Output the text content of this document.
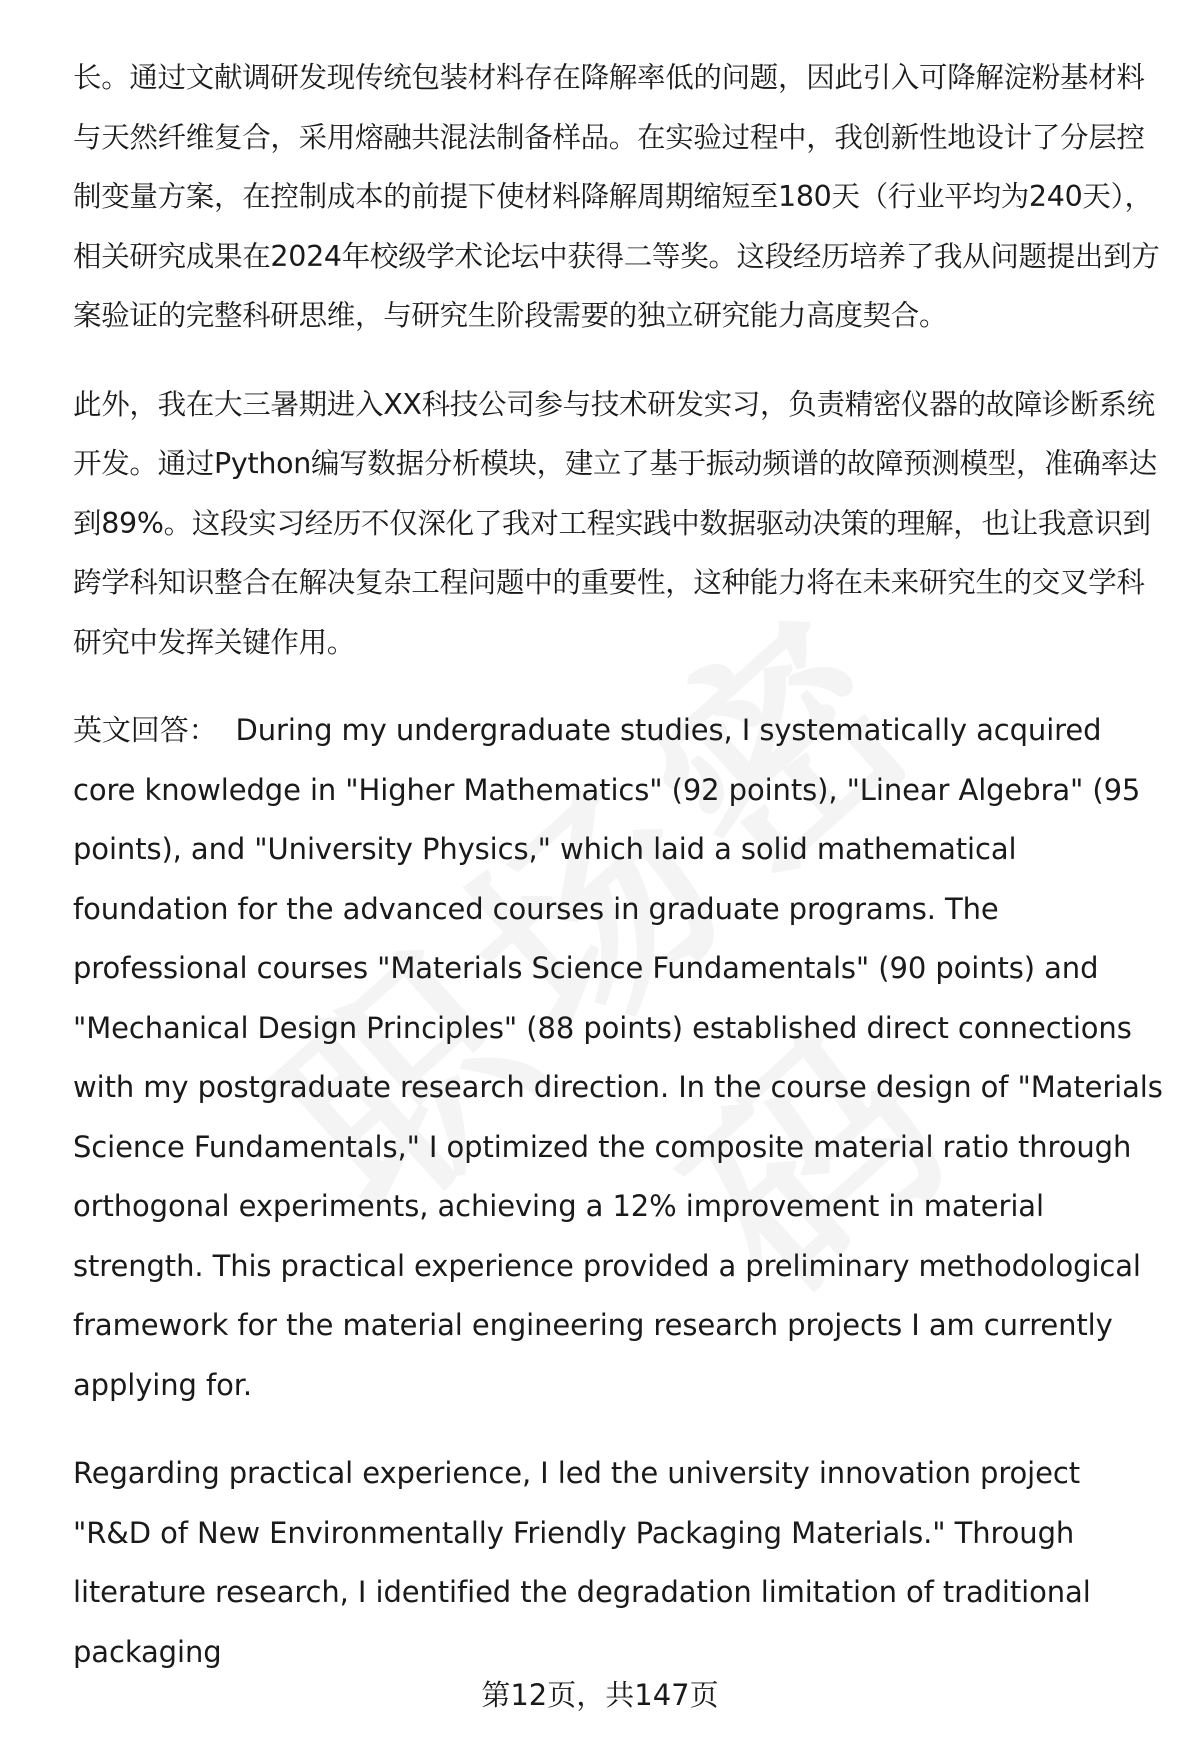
长。通过文献调研发现传统包装材料存在降解率低的问题，因此引入可降解淀粉基材料与天然纤维复合，采用熔融共混法制备样品。在实验过程中，我创新性地设计了分层控制变量方案，在控制成本的前提下使材料降解周期缩短至180天（行业平均为240天），相关研究成果在2024年校级学术论坛中获得二等奖。这段经历培养了我从问题提出到方案验证的完整科研思维，与研究生阶段需要的独立研究能力高度契合。

此外，我在大三暑期进入XX科技公司参与技术研发实习，负责精密仪器的故障诊断系统开发。通过Python编写数据分析模块，建立了基于振动频谱的故障预测模型，准确率达到89%。这段实习经历不仅深化了我对工程实践中数据驱动决策的理解，也让我意识到跨学科知识整合在解决复杂工程问题中的重要性，这种能力将在未来研究生的交叉学科研究中发挥关键作用。

英文回答： During my undergraduate studies, I systematically acquired core knowledge in "Higher Mathematics" (92 points), "Linear Algebra" (95 points), and "University Physics," which laid a solid mathematical foundation for the advanced courses in graduate programs. The professional courses "Materials Science Fundamentals" (90 points) and "Mechanical Design Principles" (88 points) established direct connections with my postgraduate research direction. In the course design of "Materials Science Fundamentals," I optimized the composite material ratio through orthogonal experiments, achieving a 12% improvement in material strength. This practical experience provided a preliminary methodological framework for the material engineering research projects I am currently applying for.

Regarding practical experience, I led the university innovation project "R&D of New Environmentally Friendly Packaging Materials." Through literature research, I identified the degradation limitation of traditional packaging

第12页，共147页
